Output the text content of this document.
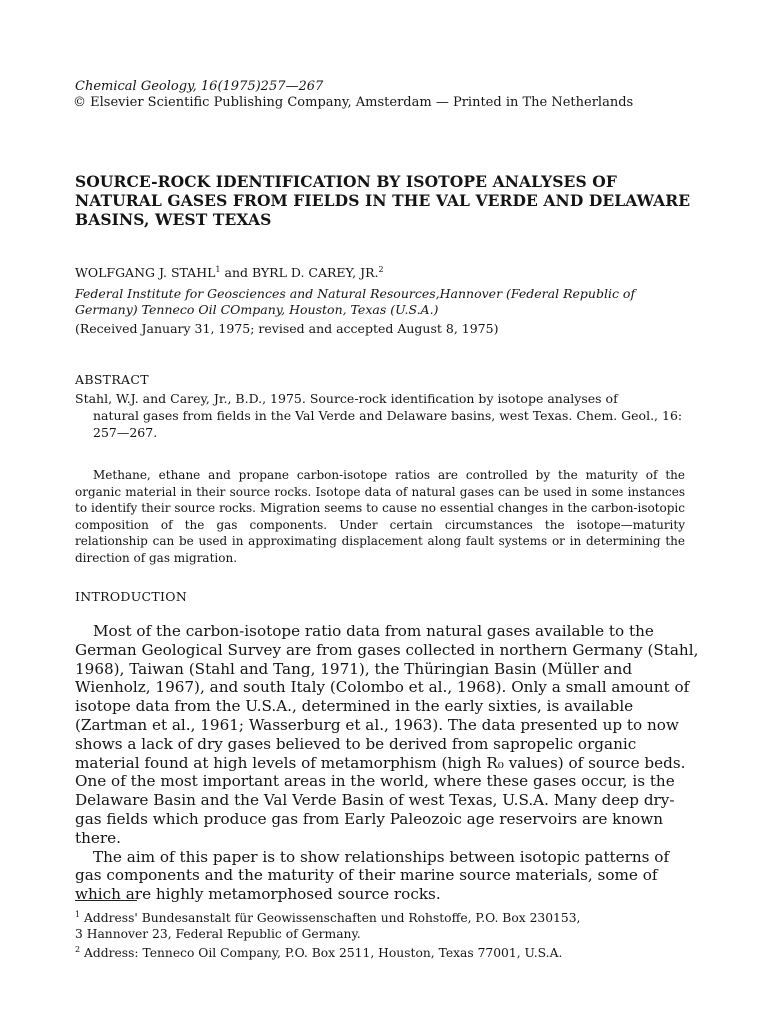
Chemical Geology, 16(1975)257—267
© Elsevier Scientific Publishing Company, Amsterdam — Printed in The Netherlands
SOURCE-ROCK IDENTIFICATION BY ISOTOPE ANALYSES OF NATURAL GASES FROM FIELDS IN THE VAL VERDE AND DELAWARE BASINS, WEST TEXAS
WOLFGANG J. STAHL$^1$ and BYRL D. CAREY, JR.$^2$
Federal Institute for Geosciences and Natural Resources,Hannover (Federal Republic of Germany) Tenneco Oil COmpany, Houston, Texas (U.S.A.)
(Received January 31, 1975; revised and accepted August 8, 1975)
ABSTRACT
Stahl, W.J. and Carey, Jr., B.D., 1975. Source-rock identification by isotope analyses of
natural gases from fields in the Val Verde and Delaware basins, west Texas. Chem. Geol., 16: 257—267.
Methane, ethane and propane carbon-isotope ratios are controlled by the maturity of the organic material in their source rocks. Isotope data of natural gases can be used in some instances to identify their source rocks. Migration seems to cause no essential changes in the carbon-isotopic composition of the gas components. Under certain circumstances the isotope—maturity relationship can be used in approximating displacement along fault systems or in determining the direction of gas migration.
INTRODUCTION

Most of the carbon-isotope ratio data from natural gases available to the German Geological Survey are from gases collected in northern Germany (Stahl, 1968), Taiwan (Stahl and Tang, 1971), the Thüringian Basin (Müller and Wienholz, 1967), and south Italy (Colombo et al., 1968). Only a small amount of isotope data from the U.S.A., determined in the early sixties, is available (Zartman et al., 1961; Wasserburg et al., 1963). The data presented up to now shows a lack of dry gases believed to be derived from sapropelic organic material found at high levels of metamorphism (high R₀ values) of source beds. One of the most important areas in the world, where these gases occur, is the Delaware Basin and the Val Verde Basin of west Texas, U.S.A. Many deep dry-gas fields which produce gas from Early Paleozoic age reservoirs are known there.

The aim of this paper is to show relationships between isotopic patterns of gas components and the maturity of their marine source materials, some of which are highly metamorphosed source rocks.

$^1$ Address' Bundesanstalt für Geowissenschaften und Rohstoffe, P.O. Box 230153,
3 Hannover 23, Federal Republic of Germany.
$^2$ Address: Tenneco Oil Company, P.O. Box 2511, Houston, Texas 77001, U.S.A.
